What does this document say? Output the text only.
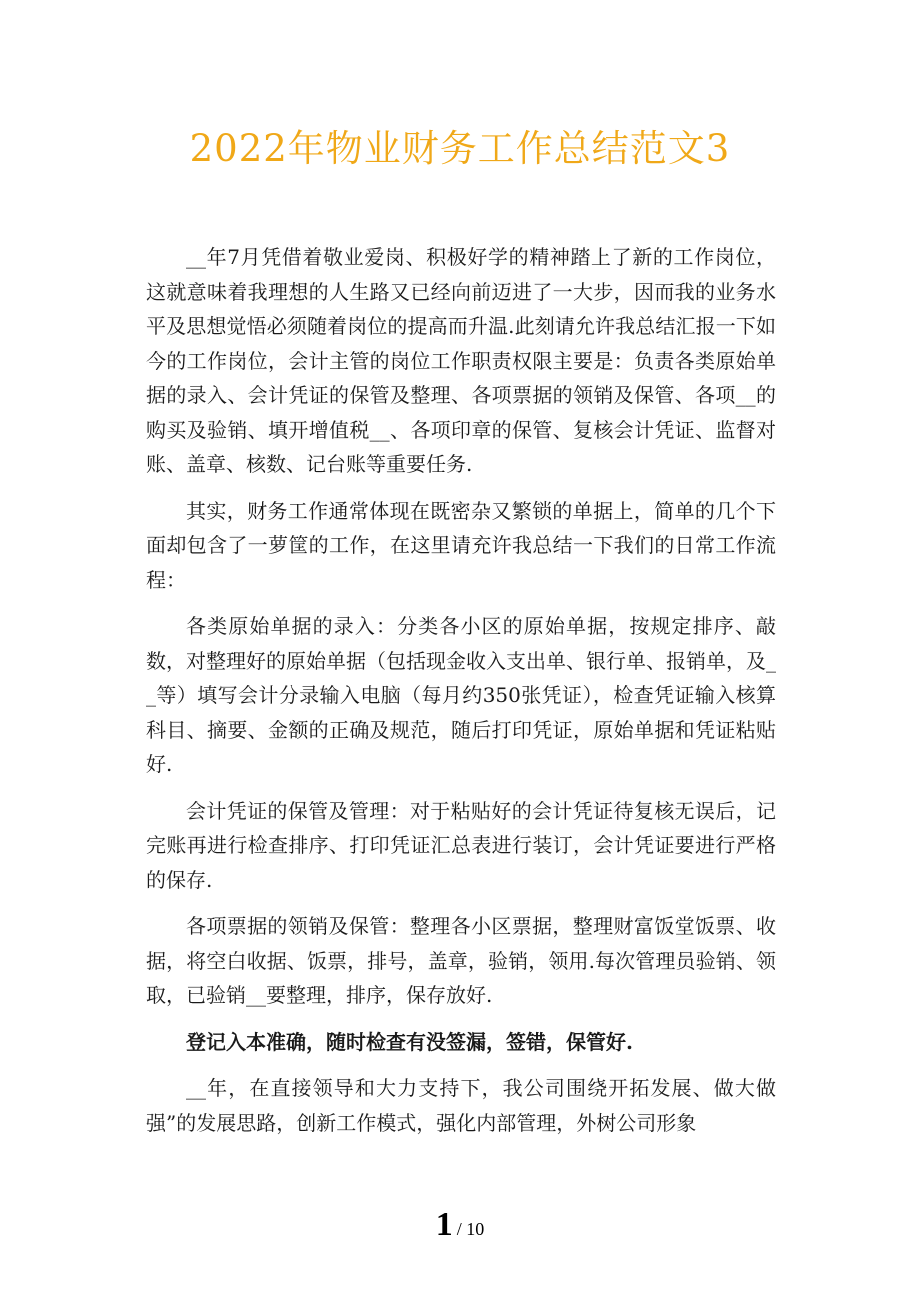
2022年物业财务工作总结范文3

__年7月凭借着敬业爱岗、积极好学的精神踏上了新的工作岗位，这就意味着我理想的人生路又已经向前迈进了一大步，因而我的业务水平及思想觉悟必须随着岗位的提高而升温.此刻请允许我总结汇报一下如今的工作岗位，会计主管的岗位工作职责权限主要是：负责各类原始单据的录入、会计凭证的保管及整理、各项票据的领销及保管、各项__的购买及验销、填开增值税__、各项印章的保管、复核会计凭证、监督对账、盖章、核数、记台账等重要任务.

其实，财务工作通常体现在既密杂又繁锁的单据上，简单的几个下面却包含了一萝筐的工作，在这里请充许我总结一下我们的日常工作流程：

各类原始单据的录入：分类各小区的原始单据，按规定排序、敲数，对整理好的原始单据（包括现金收入支出单、银行单、报销单，及__等）填写会计分录输入电脑（每月约350张凭证），检查凭证输入核算科目、摘要、金额的正确及规范，随后打印凭证，原始单据和凭证粘贴好.

会计凭证的保管及管理：对于粘贴好的会计凭证待复核无误后，记完账再进行检查排序、打印凭证汇总表进行装订，会计凭证要进行严格的保存.

各项票据的领销及保管：整理各小区票据，整理财富饭堂饭票、收据，将空白收据、饭票，排号，盖章，验销，领用.每次管理员验销、领取，已验销__要整理，排序，保存放好.

登记入本准确，随时检查有没签漏，签错，保管好.

__年，在直接领导和大力支持下，我公司围绕开拓发展、做大做强”的发展思路，创新工作模式，强化内部管理，外树公司形象

1 / 10
